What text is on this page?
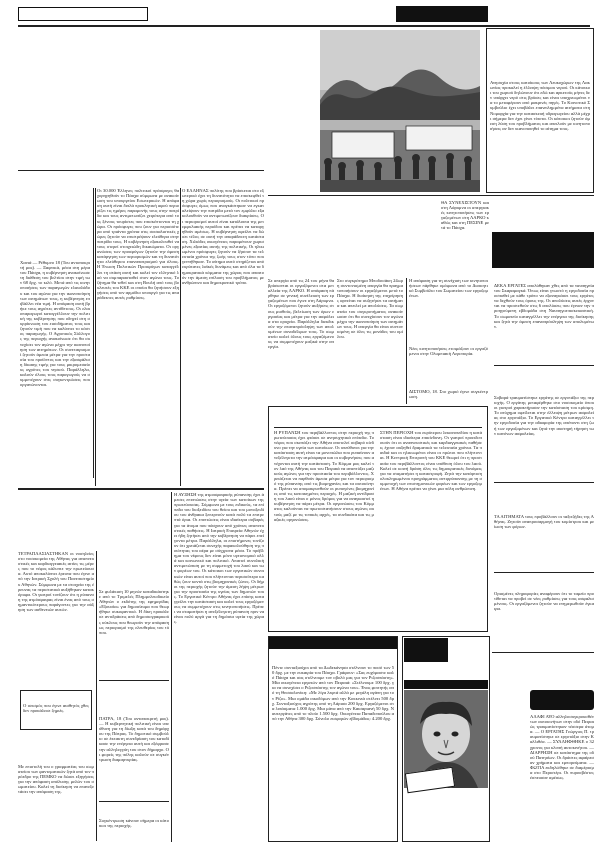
Χανιά — Ρέθυμνο 18 (Του ανταποκριτή μας). — Ξαφνικά, μέσα στη μέρα του Πάσχα, η κυβέρνηση ανακοίνωσε τη διάθεση του βελτίου στην τιμή των 68 δρχ. το κιλό. Μετά από τις κινητοποιήσεις των παραγωγών ελαιολάδου και του αγώνα για την ικανοποίηση των αιτημάτων τους, η κυβέρνηση επιβάλλει νέα τιμή. Η απόφαση αυτή βρήκε τους αγρότες αντίθετους. Οι ελαιοπαραγωγοί καταγγέλλουν την πολιτική της κυβέρνησης που οδηγεί στη συρρίκνωση του εισοδήματος τους και ζητούν τιμή που να καλύπτει το κόστος παραγωγής. Ο Αγροτικός Σύλλογος της περιοχής ανακοίνωσε ότι θα συνεχίσει τον αγώνα μέχρι την ικανοποίηση των αιτημάτων. Οι συνεταιρισμοί ζητούν άμεσα μέτρα για την προστασία του προϊόντος και την εξασφάλιση δίκαιης τιμής για τους μικρομεσαίους αγρότες του νησιού. Παράλληλα, καλούν όλους τους παραγωγούς να συμμετέχουν στις συγκεντρώσεις που οργανώνονται.
Οι 30.000 Έλληνες πολιτικοί πρόσφυγες θα χορηγηθούν το Πάσχα σύμφωνα με ανακοίνωση του υπουργείου Εσωτερικών. Η απόφαση αυτή είναι διπλά προκλητική αφού περιορίζει τις ημέρες παραμονής τους στην πατρίδα και τους αντιμετωπίζει χειρότερα από τους ξένους τουρίστες που επισκέπτονται τη χώρα. Οι πρόσφυγες που ζουν για περισσότερα από τριάντα χρόνια στις σοσιαλιστικές χώρες ζητούν να επιστρέψουν ελεύθερα στην πατρίδα τους. Η κυβέρνηση εξακολουθεί να τους στερεί στοιχειώδη δικαιώματα. Οι οργανώσεις των προσφύγων ζητούν την άμεση κατάργηση των περιορισμών και τη δυνατότητα ελεύθερου επαναπατρισμού για όλους. Η Ένωση Πολιτικών Προσφύγων καταγγέλλει τη στάση αυτή και καλεί τον ελληνικό λαό να συμπαρασταθεί στον αγώνα τους. Το ζήτημα θα τεθεί και στη Βουλή από τους βουλευτές του ΚΚΕ οι οποίοι θα ζητήσουν εξηγήσεις από τον αρμόδιο υπουργό για τις απαράδεκτες αυτές ρυθμίσεις.
Ο ΕΛΛΗΝΑΣ πολίτης που βρίσκεται στο εξωτερικό έχει τη δυνατότητα να επισκεφθεί τη χώρα χωρίς περιορισμούς. Οι πολιτικοί πρόσφυγες όμως που αναγκάστηκαν να εγκαταλείψουν την πατρίδα μετά τον εμφύλιο εξακολουθούν να αντιμετωπίζουν διακρίσεις. Οι περιορισμοί αυτοί είναι κατάλοιπα της μετεμφυλιακής περιόδου και πρέπει να καταργηθούν αμέσως. Η κυβέρνηση οφείλει να δώσει τέλος σε αυτή την απαράδεκτη κατάσταση. Χιλιάδες οικογένειες παραμένουν χωρισμένες εξαιτίας αυτής της πολιτικής. Οι ηλικιωμένοι πρόσφυγες ζητούν να ζήσουν τα τελευταία χρόνια της ζωής τους στον τόπο που γεννήθηκαν. Το αίτημα αυτό στηρίζεται από ευρύτατες λαϊκές δυνάμεις και από όλα τα δημοκρατικά κόμματα της χώρας που απαιτούν την άμεση επίλυση του προβλήματος με ανθρώπινο και δημοκρατικό τρόπο.
Ανησυχία στους κατοίκους των Λευκοχώρων της Λακωνίας προκαλεί η έλλειψη πόσιμου νερού. Οι κάτοικοι του χωριού δηλώνουν ότι εδώ και αρκετούς μήνες δεν υπάρχει νερό στις βρύσες και είναι υποχρεωμένοι να το μεταφέρουν από μακρινές πηγές. Το Κοινοτικό Συμβούλιο έχει υποβάλει επανειλημμένα αιτήματα στη Νομαρχία για την κατασκευή υδραγωγείου αλλά μέχρι σήμερα δεν έχει γίνει τίποτα. Οι κάτοικοι ζητούν άμεση λύση του προβλήματος και απειλούν με κινητοποιήσεις αν δεν ικανοποιηθεί το αίτημα τους.
ΘΑ ΣΥΝΕΧΙΣΤΟΥΝ και στη Λάρυμνα οι απεργιακές κινητοποιήσεις των εργαζομένων στη ΛΑΡΚΟ καθώς και στη ΠΕΣΙΝΕ μετά το Πάσχα.
Σε απεργία από τις 24 του μήνα θα βρίσκονται οι εργαζόμενοι στα μεταλλεία της ΛΑΡΚΟ. Η απόφαση πάρθηκε σε γενική συνέλευση των εργαζομένων που έγινε στη Λάρυμνα. Οι εργαζόμενοι ζητούν αυξήσεις στους μισθούς, βελτίωση των όρων εργασίας και μέτρα για την ασφάλεια στα ορυχεία. Παράλληλα διεκδικούν την επαναπρόσληψη των απολυμένων συναδέλφων τους. Το σωματείο καλεί όλους τους εργαζόμενους να συμμετέχουν μαζικά στην απεργία.
Στο συγκρότημα Μποδοσάκη 24ωρη συντονισμένη απεργία θα πραγματοποιήσουν οι εργαζόμενοι μετά το Πάσχα. Η διοίκηση της επιχείρησης αρνείται να συζητήσει τα αιτήματα και απειλεί με απολύσεις. Τα σωματεία του συγκροτήματος ανακοίνωσαν ότι θα συνεχίσουν τον αγώνα μέχρι την ικανοποίηση των αιτημάτων τους. Η απεργία θα είναι συντονισμένη σε όλες τις μονάδες του ομίλου.
Η απόφαση για τη συνέχιση των κινητοποιήσεων πάρθηκε ομόφωνα από το Διοικητικό Συμβούλιο του Σωματείου των εργαζομένων.
Νέες κινητοποιήσεις ετοιμάζουν οι εργαζόμενοι στην Ολυμπιακή Αεροπορία.
ΔΙΣΤΟΜΟ, 18. Στο χωριό έγινε συγκέντρωση.
ΔΕΚΑ ΕΡΓΑΤΕΣ απολύθηκαν χθες από τα ναυπηγεία του Σκαραμαγκά. Όπως είναι γνωστό η εργοδοσία προσπαθεί με κάθε τρόπο να εξαναγκάσει τους εργάτες να δεχθούν τους όρους της. Οι απολύσεις αυτές έρχονται να προστεθούν στις 6 απολύσεις που έγιναν την προηγούμενη εβδομάδα στη Ναυπηγοεπισκευαστική. Το σωματείο καταγγέλλει την ενέργεια της διοίκησης και ζητά την άμεση επαναπρόσληψη των απολυμένων.
Σοβαρά τραυματίστηκε εργάτης σε εργοτάξιο της περιοχής. Ο εργάτης μεταφέρθηκε στο νοσοκομείο όπου οι γιατροί χαρακτήρισαν την κατάσταση του κρίσιμη. Το ατύχημα οφείλεται στην έλλειψη μέτρων ασφαλείας στο εργοτάξιο. Το Εργατικό Κέντρο καταγγέλλει την εργοδοσία για την αδιαφορία της απέναντι στη ζωή των εργαζομένων και ζητά την αυστηρή τήρηση των κανόνων ασφαλείας.
ΤΑ ΑΙΤΗΜΑΤΑ τους προβάλλουν οι ταξιτζήδες της Αθήνας. Ζητούν αναπροσαρμογή του κομίστρου και μείωση των φόρων.
Ορισμένες πληροφορίες αναφέρουν ότι το ταμείο προτίθεται να προβεί σε νέες ρυθμίσεις για τους ασφαλισμένους. Οι εργαζόμενοι ζητούν να ενημερωθούν έγκαιρα.
Η ΡΥΠΑΝΣΗ του περιβάλλοντος στην περιοχή της πρωτεύουσας έχει φτάσει σε ανησυχητικά επίπεδα. Το νέφος που σκεπάζει την Αθήνα αποτελεί σοβαρό κίνδυνο για την υγεία των κατοίκων. Οι υπεύθυνοι για την κατάσταση αυτή είναι τα μονοπώλια που ρυπαίνουν ανεξέλεγκτα την ατμόσφαιρα και οι κυβερνήσεις που ανέχονται αυτή την κατάσταση. Το Κόμμα μας καλεί τον λαό της Αθήνας και του Πειραιά να αναπτύξει μαζικούς αγώνες για την προστασία του περιβάλλοντος. Χρειάζεται να παρθούν άμεσα μέτρα για τον περιορισμό της ρύπανσης από τις βιομηχανίες και τα αυτοκίνητα. Πρέπει να απομακρυνθούν οι ρυπογόνες βιομηχανίες από τις κατοικημένες περιοχές. Η μαζική αντίδραση του λαού είναι ο μόνος δρόμος για να αναγκαστεί η κυβέρνηση να πάρει μέτρα. Οι οργανώσεις του Κόμματος καλούνται να πρωτοστατήσουν στους αγώνες αυτούς μαζί με τις τοπικές αρχές, τα συνδικάτα και τις μαζικές οργανώσεις.
ΣΤΗΝ ΠΕΡΙΟΧΗ του ευρύτερου λεκανοπεδίου η κατάσταση είναι ιδιαίτερα επικίνδυνη. Οι γιατροί προειδοποιούν ότι οι αναπνευστικές και καρδιαγγειακές παθήσεις έχουν αυξηθεί δραματικά τα τελευταία χρόνια. Τα παιδιά και οι ηλικιωμένοι είναι οι πρώτοι που πλήττονται. Η Κεντρική Επιτροπή του ΚΚΕ θεωρεί ότι η προστασία του περιβάλλοντος είναι υπόθεση όλου του λαού. Καλεί σε κοινή δράση όλες τις δημοκρατικές δυνάμεις για να σταματήσει η καταστροφή. Ζητά την κατάρτιση ολοκληρωμένου προγράμματος αντιρρύπανσης με τη συμμετοχή των επιστημονικών φορέων και των εργαζομένων. Η Αθήνα πρέπει να γίνει μια πόλη ανθρώπινη.
ΤΕΤΡΑΠΛΑΣΙΑΣΤΗΚΑΝ οι νοσηλείες στο νοσοκομεία της Αθήνας για αναπνευστικές και καρδιαγγειακές αιτίες τις μέρες που το νέφος κάλυπτε την πρωτεύουσα. Αυτό αποκαλύπτει έρευνα που έγινε από την Ιατρική Σχολή του Πανεπιστημίου Αθηνών. Σύμφωνα με τα στοιχεία της έρευνας τα περιστατικά αυξήθηκαν κατακόρυφα. Οι γιατροί τονίζουν ότι η ρύπανση της ατμόσφαιρας είναι ένας από τους σημαντικότερους παράγοντες για την αύξηση των ασθενειών αυτών.
Ο σεισμός που έγινε αισθητός χθες δεν προκάλεσε ζημιές.
Με επιστολή του ο γραμματέας του σωματείου των φαντεματικών ζητά από τον πρόεδρο της ΠΕΜΚΟ να δώσει εξηγήσεις για την απόφαση απόλυσης μελών του σωματείου. Καλεί τη διοίκηση να επανεξετάσει την απόφαση της.
Σε φυλάκιση 10 μηνών καταδικάστηκε από το Τριμελές Πλημμελειοδικείο Αθηνών ο εκδότης της εφημερίδας «Εξουσία» για δημοσίευμα που θεωρήθηκε συκοφαντικό. Η δίκη προκάλεσε αντιδράσεις από δημοσιογραφικούς κύκλους που θεωρούν την απόφαση ως περιορισμό της ελευθερίας του τύπου.
ΠΑΤΡΑ, 18 (Του ανταποκριτή μας). — Η κυβερνητική πολιτική είναι υπεύθυνη για τη δίωξη κατά του δημάρχου της Πάτρας. Το δημοτικό συμβούλιο σε έκτακτη συνεδρίαση του καταδίκασε την ενέργεια αυτή και εξέφρασε την αλληλεγγύη του στον δήμαρχο. Οι φορείς της πόλης καλούν σε συγκέντρωση διαμαρτυρίας.
Συγκέντρωση κάνουν σήμερα οι κάτοικοι της περιοχής.
Η ΑΥΞΗΣΗ της ατμοσφαιρικής ρύπανσης έχει άμεσες επιπτώσεις στην υγεία των κατοίκων της πρωτεύουσας. Σύμφωνα με τους ειδικούς, τα επίπεδα του διοξειδίου του θείου και του μονοξειδίου του άνθρακα ξεπερνούν κατά πολύ τα επιτρεπτά όρια. Οι επιπτώσεις είναι ιδιαίτερα σοβαρές για τα άτομα που πάσχουν από χρόνιες αναπνευστικές παθήσεις. Η Ιατρική Εταιρεία Αθηνών έχει ήδη ζητήσει από την κυβέρνηση να πάρει επείγοντα μέτρα. Παράλληλα, οι επιστήμονες τονίζουν ότι χρειάζεται συνεχής παρακολούθηση της ποιότητας του αέρα με σύγχρονα μέσα. Το πρόβλημα του νέφους δεν είναι μόνο υγειονομικό αλλά και κοινωνικό και πολιτικό. Απαιτεί συνολική αντιμετώπιση με τη συμμετοχή του λαού και των φορέων του. Οι κάτοικοι των εργατικών συνοικιών είναι αυτοί που πλήττονται περισσότερο καθώς ζουν κοντά στις βιομηχανικές ζώνες. Οι δήμοι της περιοχής ζητούν την άμεση λήψη μέτρων για την προστασία της υγείας των δημοτών τους. Το Εργατικό Κέντρο Αθήνας έχει επίσης καταγγείλει την κατάσταση και καλεί τους εργαζόμενους να συμμετέχουν στις κινητοποιήσεις. Πρέπει να σταματήσει η ανεξέλεγκτη ρύπανση πριν να είναι πολύ αργά για τη δημόσια υγεία της χώρας.
Πέντε συνταξιούχοι από τα Δωδεκάνησα στέλνουν το ποσό των 50 δρχ. με την ευκαιρία του Πάσχα. Γράφουν: «Σας ευχόμαστε καλό Πάσχα και σας στέλνουμε τον οβολό μας για τον Ριζοσπάστη». Μία οικογένεια εργατών από τον Πειραιά: «Στέλνουμε 100 δρχ. για να συνεχίσει ο Ριζοσπάστης τον αγώνα του». Ένας φοιτητής από τη Θεσσαλονίκη: «Με λίγα λεφτά αλλά με μεγάλη αγάπη για τον Ρίζο». Μια ομάδα οικοδόμων από την Κοκκινιά στέλνει 500 δρχ. Συνταξιούχος αγρότης από τη Λάρισα 200 δρχ. Εργαζόμενοι στα λιπάσματα 1.000 δρχ. Μια μάνα από την Καισαριανή 50 δρχ. Ναυτεργάτες από το πλοίο 1.500 δρχ. Οικογένεια Παπαδοπούλου από την Αθήνα 300 δρχ. Σύνολο εισφορών εβδομάδας: 4.200 δρχ.	ΑΛΑΦΙ ΑΥΟ αλληλοσυγκρουσθέντων αυτοκινήτων στην οδό Πειραιώς τραυματίστηκαν τέσσερα άτομα. — Ο ΕΡΓΑΤΗΣ Γεώργιος Π. τραυματίστηκε σε εργοτάξιο στην Καλλιθέα. — ΣΥΛΛΗΦΘΗΚΕ ο 32χρονος για κλοπή αυτοκινήτου. — ΔΙΑΡΡΗΞΗ σε κατάστημα της οδού Πατησίων. Οι δράστες αφαίρεσαν χρήματα και εμπορεύματα. — ΦΩΤΙΑ εκδηλώθηκε σε διαμέρισμα στο Περιστέρι. Οι πυροσβέστες έσπευσαν αμέσως.
